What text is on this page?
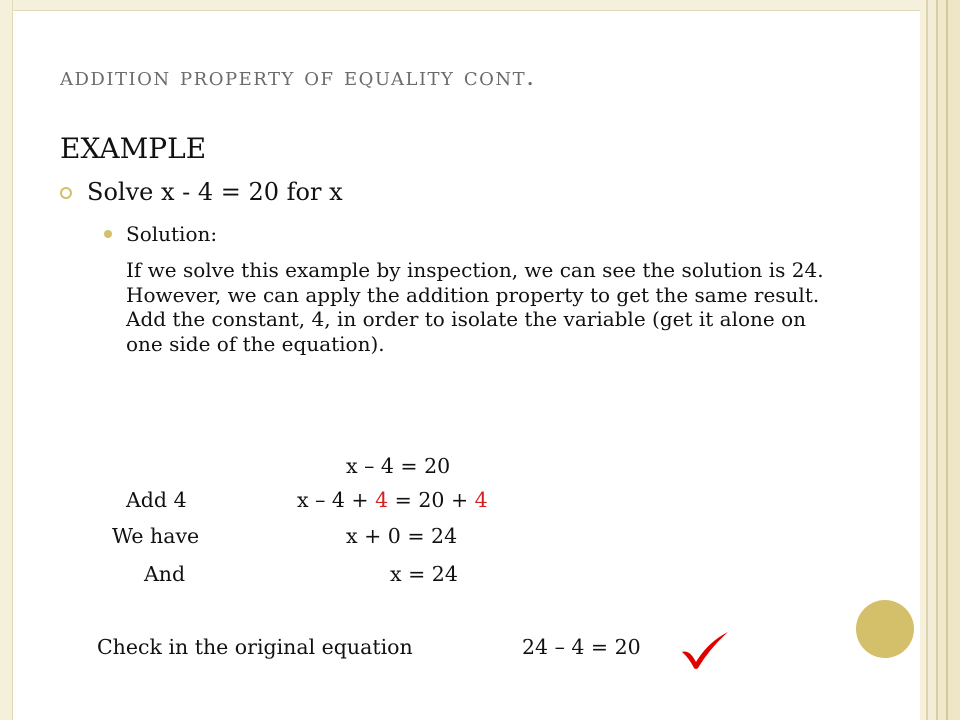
addition property of equality cont.
EXAMPLE
Solve x - 4 = 20 for x
Solution:
If we solve this example by inspection, we can see the solution is 24. However, we can apply the addition property to get the same result. Add the constant, 4, in order to isolate the variable (get it alone on one side of the equation).
x – 4 = 20
Add 4	x – 4 + 4 = 20 + 4
We have	x + 0 = 24
And	x = 24
Check in the original equation	24 – 4 = 20
